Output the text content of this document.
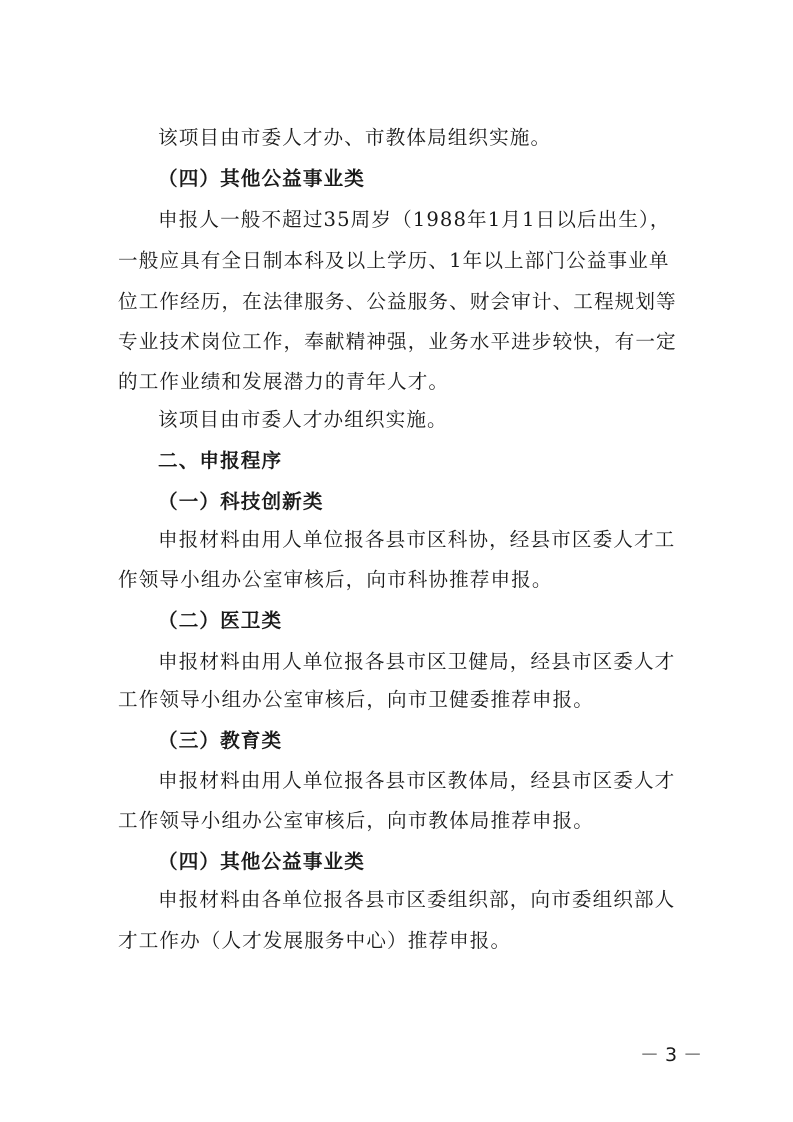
该项目由市委人才办、市教体局组织实施。
（四）其他公益事业类
申报人一般不超过35周岁（1988年1月1日以后出生），
一般应具有全日制本科及以上学历、1年以上部门公益事业单
位工作经历，在法律服务、公益服务、财会审计、工程规划等
专业技术岗位工作，奉献精神强，业务水平进步较快，有一定
的工作业绩和发展潜力的青年人才。
该项目由市委人才办组织实施。
二、申报程序
（一）科技创新类
申报材料由用人单位报各县市区科协，经县市区委人才工
作领导小组办公室审核后，向市科协推荐申报。
（二）医卫类
申报材料由用人单位报各县市区卫健局，经县市区委人才
工作领导小组办公室审核后，向市卫健委推荐申报。
（三）教育类
申报材料由用人单位报各县市区教体局，经县市区委人才
工作领导小组办公室审核后，向市教体局推荐申报。
（四）其他公益事业类
申报材料由各单位报各县市区委组织部，向市委组织部人
才工作办（人才发展服务中心）推荐申报。
－ 3 －
